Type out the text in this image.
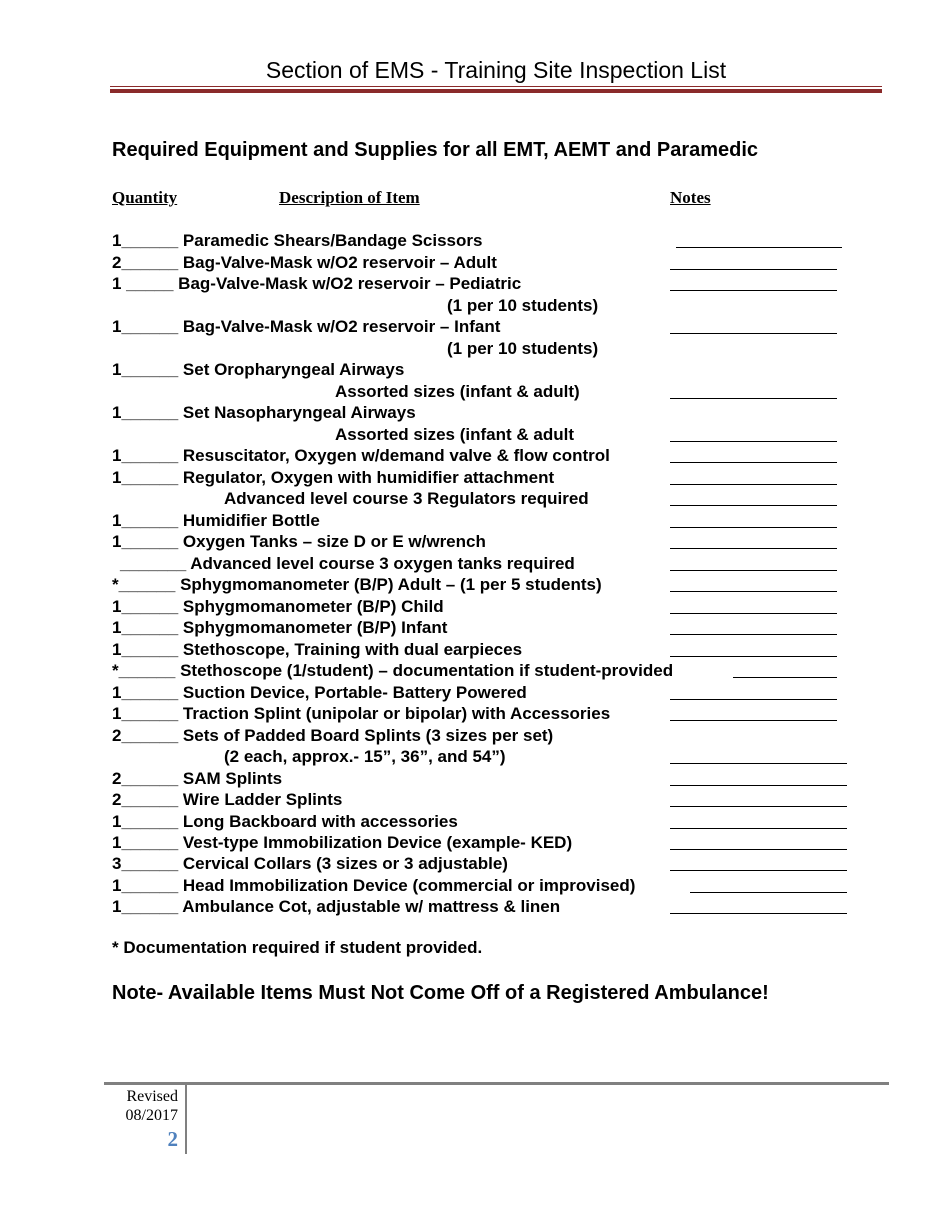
Section of EMS - Training Site Inspection List
Required Equipment and Supplies for all EMT, AEMT and Paramedic
Quantity	Description of Item	Notes
1______ Paramedic Shears/Bandage Scissors
2______ Bag-Valve-Mask w/O2 reservoir – Adult
1 _____ Bag-Valve-Mask w/O2 reservoir – Pediatric
(1 per 10 students)
1______ Bag-Valve-Mask w/O2 reservoir – Infant
(1 per 10 students)
1______ Set Oropharyngeal Airways
Assorted sizes (infant & adult)
1______ Set Nasopharyngeal Airways
Assorted sizes (infant & adult
1______ Resuscitator, Oxygen w/demand valve & flow control
1______ Regulator, Oxygen with humidifier attachment
Advanced level course 3 Regulators required
1______ Humidifier Bottle
1______ Oxygen Tanks – size D or E w/wrench
_______ Advanced level course 3 oxygen tanks required
*______ Sphygmomanometer (B/P) Adult – (1 per 5 students)
1______ Sphygmomanometer (B/P) Child
1______ Sphygmomanometer (B/P) Infant
1______ Stethoscope, Training with dual earpieces
*______ Stethoscope (1/student) – documentation if student-provided
1______ Suction Device, Portable- Battery Powered
1______ Traction Splint (unipolar or bipolar) with Accessories
2______ Sets of Padded Board Splints (3 sizes per set)
(2 each, approx.- 15”, 36”, and 54”)
2______ SAM Splints
2______ Wire Ladder Splints
1______ Long Backboard with accessories
1______ Vest-type Immobilization Device (example- KED)
3______ Cervical Collars (3 sizes or 3 adjustable)
1______ Head Immobilization Device (commercial or improvised)
1______ Ambulance Cot, adjustable w/ mattress & linen
* Documentation required if student provided.
Note- Available Items Must Not Come Off of a Registered Ambulance!
Revised
08/2017
2
